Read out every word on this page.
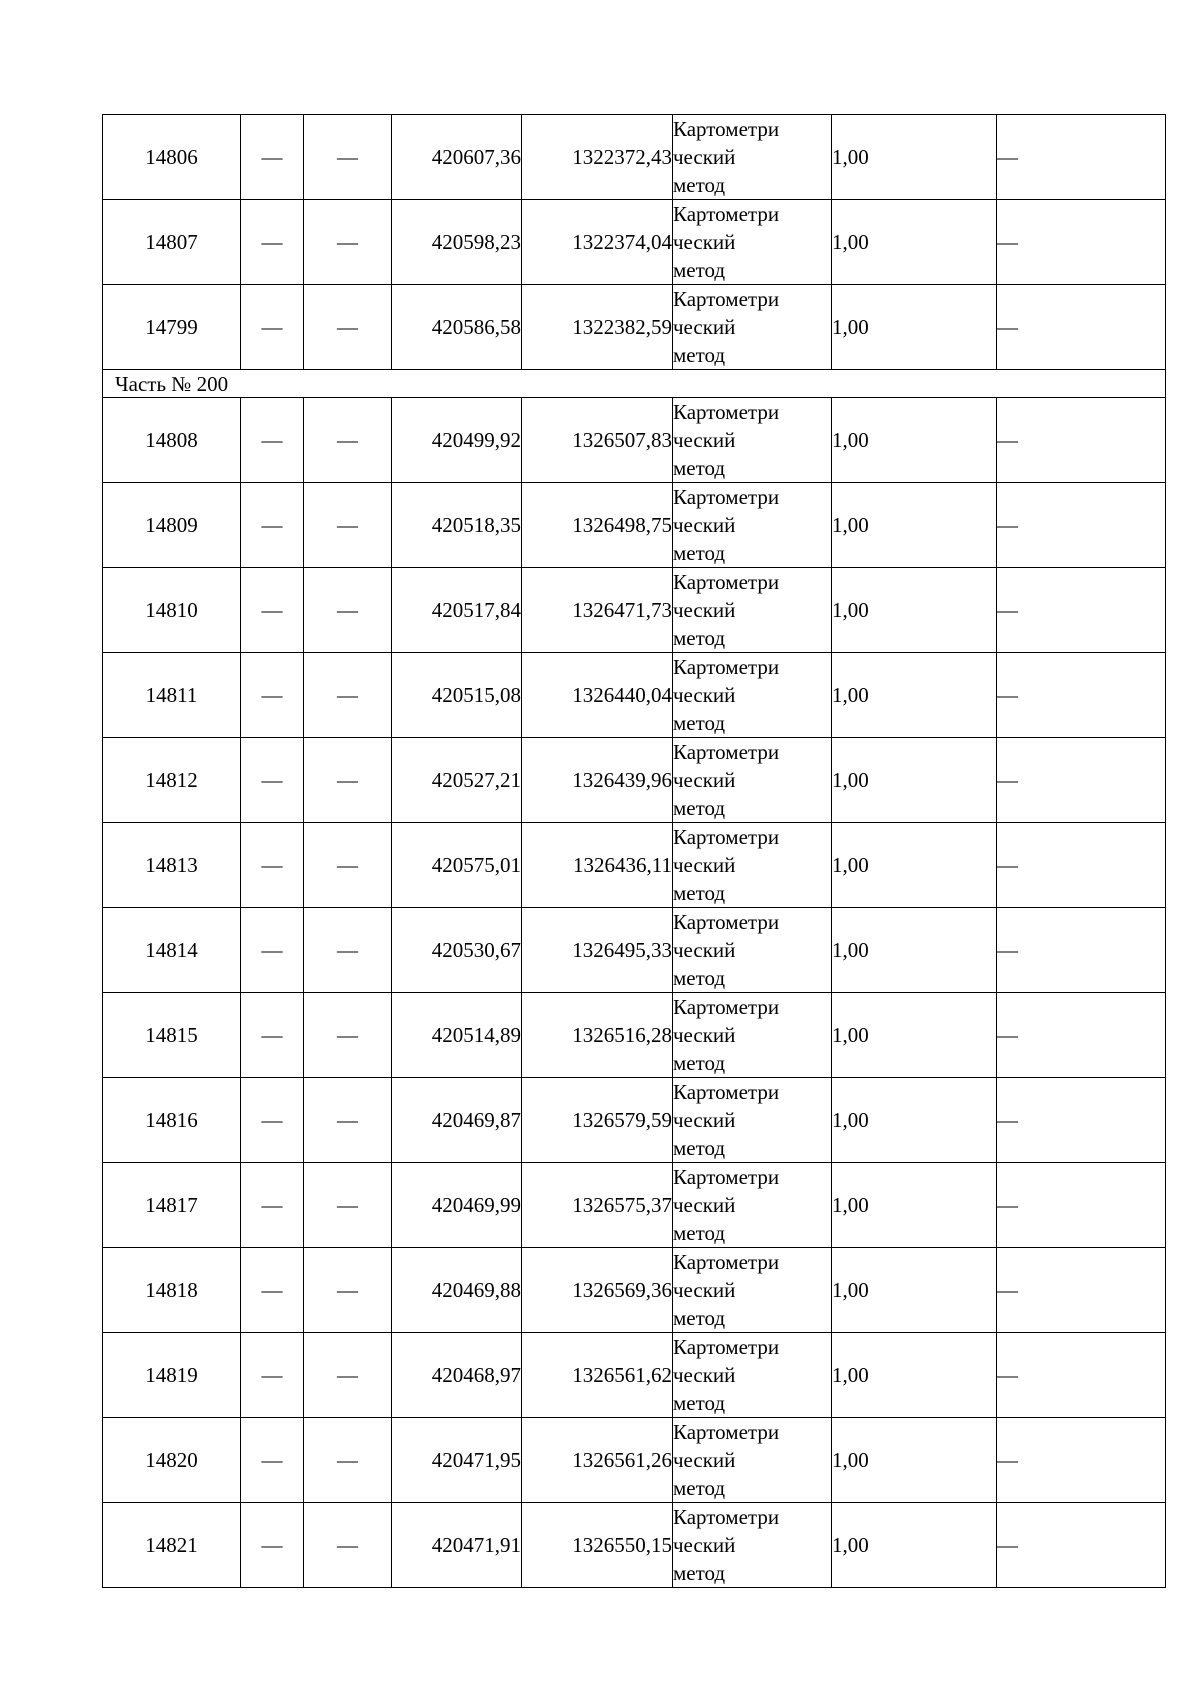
14806	—	—	420607,36	1322372,43	Картометри
ческий
метод	1,00	—
14807	—	—	420598,23	1322374,04	Картометри
ческий
метод	1,00	—
14799	—	—	420586,58	1322382,59	Картометри
ческий
метод	1,00	—
Часть № 200							
14808	—	—	420499,92	1326507,83	Картометри
ческий
метод	1,00	—
14809	—	—	420518,35	1326498,75	Картометри
ческий
метод	1,00	—
14810	—	—	420517,84	1326471,73	Картометри
ческий
метод	1,00	—
14811	—	—	420515,08	1326440,04	Картометри
ческий
метод	1,00	—
14812	—	—	420527,21	1326439,96	Картометри
ческий
метод	1,00	—
14813	—	—	420575,01	1326436,11	Картометри
ческий
метод	1,00	—
14814	—	—	420530,67	1326495,33	Картометри
ческий
метод	1,00	—
14815	—	—	420514,89	1326516,28	Картометри
ческий
метод	1,00	—
14816	—	—	420469,87	1326579,59	Картометри
ческий
метод	1,00	—
14817	—	—	420469,99	1326575,37	Картометри
ческий
метод	1,00	—
14818	—	—	420469,88	1326569,36	Картометри
ческий
метод	1,00	—
14819	—	—	420468,97	1326561,62	Картометри
ческий
метод	1,00	—
14820	—	—	420471,95	1326561,26	Картометри
ческий
метод	1,00	—
14821	—	—	420471,91	1326550,15	Картометри
ческий
метод	1,00	—
